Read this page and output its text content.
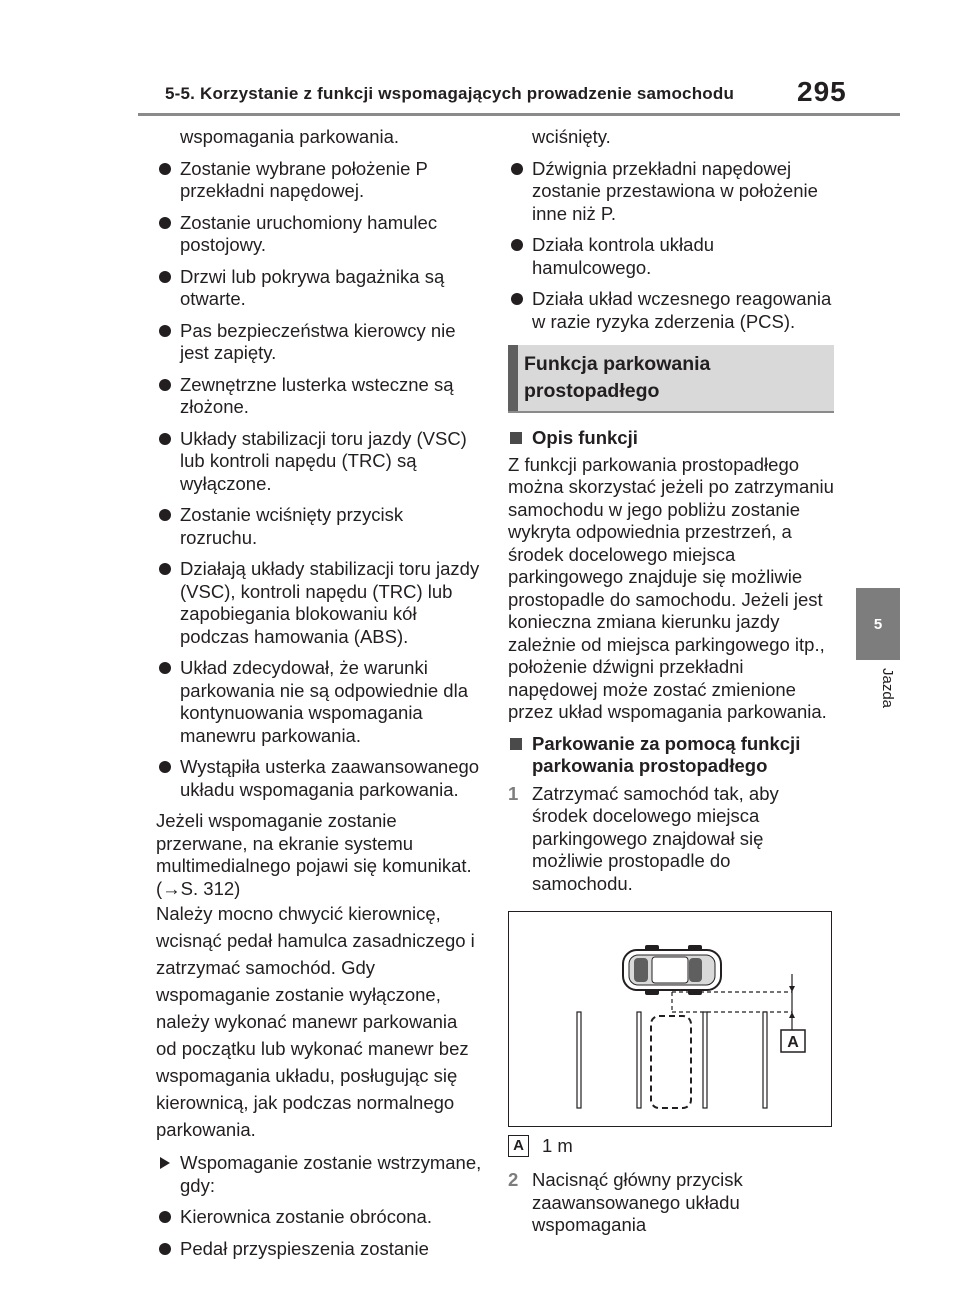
5-5. Korzystanie z funkcji wspomagających prowadzenie samochodu	295
5
Jazda
wspomagania parkowania.
Zostanie wybrane położenie P przekładni napędowej.
Zostanie uruchomiony hamulec postojowy.
Drzwi lub pokrywa bagażnika są otwarte.
Pas bezpieczeństwa kierowcy nie jest zapięty.
Zewnętrzne lusterka wsteczne są złożone.
Układy stabilizacji toru jazdy (VSC) lub kontroli napędu (TRC) są wyłączone.
Zostanie wciśnięty przycisk rozruchu.
Działają układy stabilizacji toru jazdy (VSC), kontroli napędu (TRC) lub zapobiegania blokowaniu kół podczas hamowania (ABS).
Układ zdecydował, że warunki parkowania nie są odpowiednie dla kontynuowania wspomagania manewru parkowania.
Wystąpiła usterka zaawansowanego układu wspomagania parkowania.
Jeżeli wspomaganie zostanie przerwane, na ekranie systemu multimedialnego pojawi się komunikat. (→S. 312)
Należy mocno chwycić kierownicę, wcisnąć pedał hamulca zasadniczego i zatrzymać samochód. Gdy wspomaganie zostanie wyłączone, należy wykonać manewr parkowania od początku lub wykonać manewr bez wspomagania układu, posługując się kierownicą, jak podczas normalnego parkowania.
Wspomaganie zostanie wstrzymane, gdy:
Kierownica zostanie obrócona.
Pedał przyspieszenia zostanie
wciśnięty.
Dźwignia przekładni napędowej zostanie przestawiona w położenie inne niż P.
Działa kontrola układu hamulcowego.
Działa układ wczesnego reagowania w razie ryzyka zderzenia (PCS).
Funkcja parkowania prostopadłego
Opis funkcji
Z funkcji parkowania prostopadłego można skorzystać jeżeli po zatrzymaniu samochodu w jego pobliżu zostanie wykryta odpowiednia przestrzeń, a środek docelowego miejsca parkingowego znajduje się możliwie prostopadle do samochodu. Jeżeli jest konieczna zmiana kierunku jazdy zależnie od miejsca parkingowego itp., położenie dźwigni przekładni napędowej może zostać zmienione przez układ wspomagania parkowania.
Parkowanie za pomocą funkcji parkowania prostopadłego
1 Zatrzymać samochód tak, aby środek docelowego miejsca parkingowego znajdował się możliwie prostopadle do samochodu.
A
A 1 m
2 Nacisnąć główny przycisk zaawansowanego układu wspomagania
